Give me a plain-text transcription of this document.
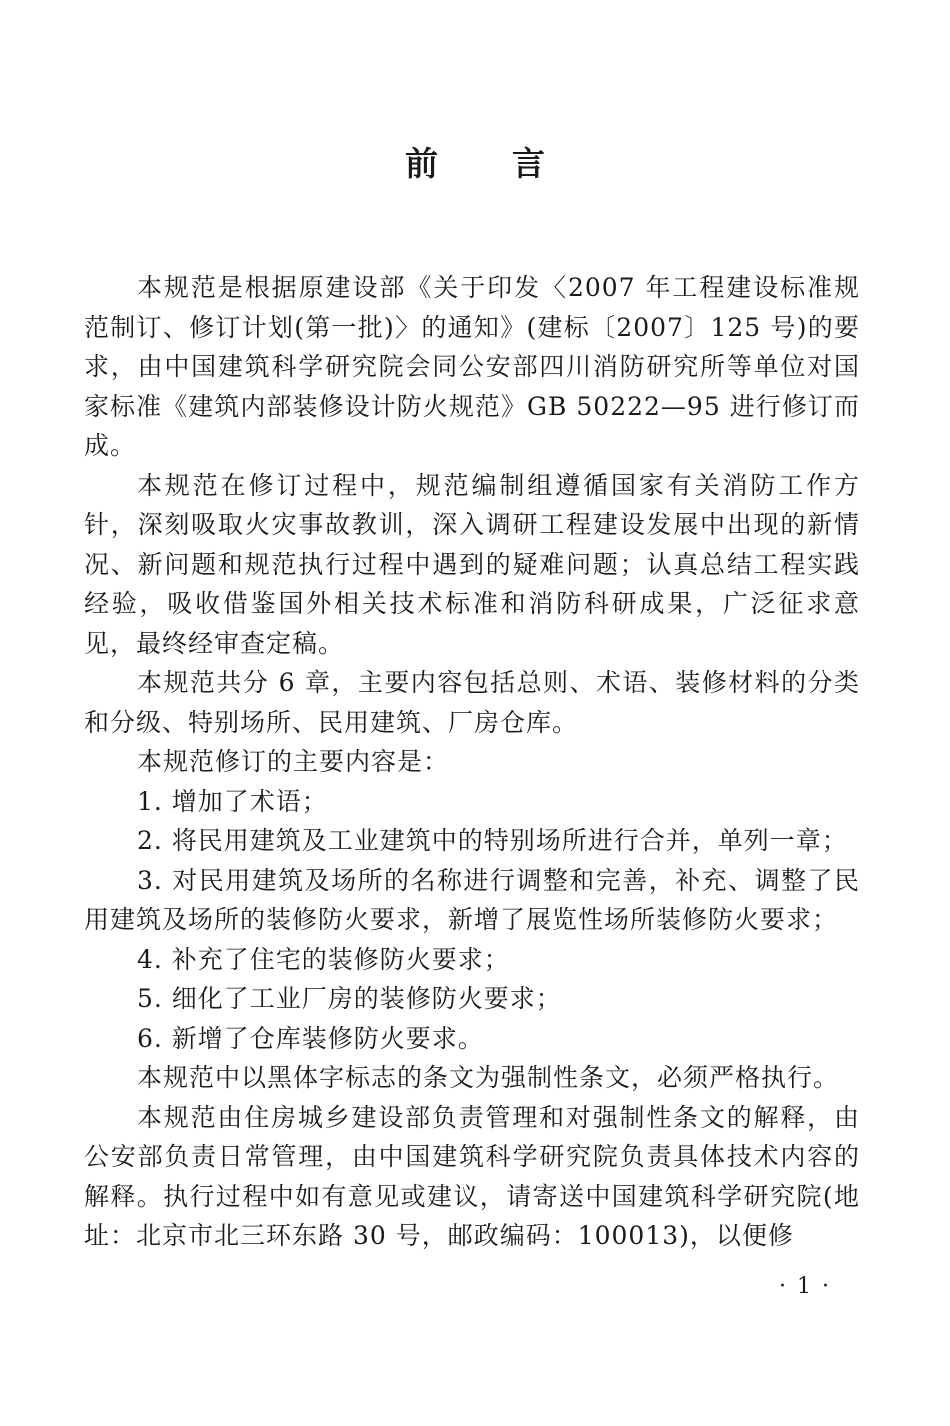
前言

本规范是根据原建设部《关于印发〈2007 年工程建设标准规范制订、修订计划(第一批)〉的通知》(建标〔2007〕125 号)的要求，由中国建筑科学研究院会同公安部四川消防研究所等单位对国家标准《建筑内部装修设计防火规范》GB 50222—95 进行修订而成。

本规范在修订过程中，规范编制组遵循国家有关消防工作方针，深刻吸取火灾事故教训，深入调研工程建设发展中出现的新情况、新问题和规范执行过程中遇到的疑难问题；认真总结工程实践经验，吸收借鉴国外相关技术标准和消防科研成果，广泛征求意见，最终经审查定稿。

本规范共分 6 章，主要内容包括总则、术语、装修材料的分类和分级、特别场所、民用建筑、厂房仓库。

本规范修订的主要内容是：

1. 增加了术语；

2. 将民用建筑及工业建筑中的特别场所进行合并，单列一章；

3. 对民用建筑及场所的名称进行调整和完善，补充、调整了民用建筑及场所的装修防火要求，新增了展览性场所装修防火要求；

4. 补充了住宅的装修防火要求；

5. 细化了工业厂房的装修防火要求；

6. 新增了仓库装修防火要求。

本规范中以黑体字标志的条文为强制性条文，必须严格执行。

本规范由住房城乡建设部负责管理和对强制性条文的解释，由公安部负责日常管理，由中国建筑科学研究院负责具体技术内容的解释。执行过程中如有意见或建议，请寄送中国建筑科学研究院(地址：北京市北三环东路 30 号，邮政编码：100013)，以便修

· 1 ·
